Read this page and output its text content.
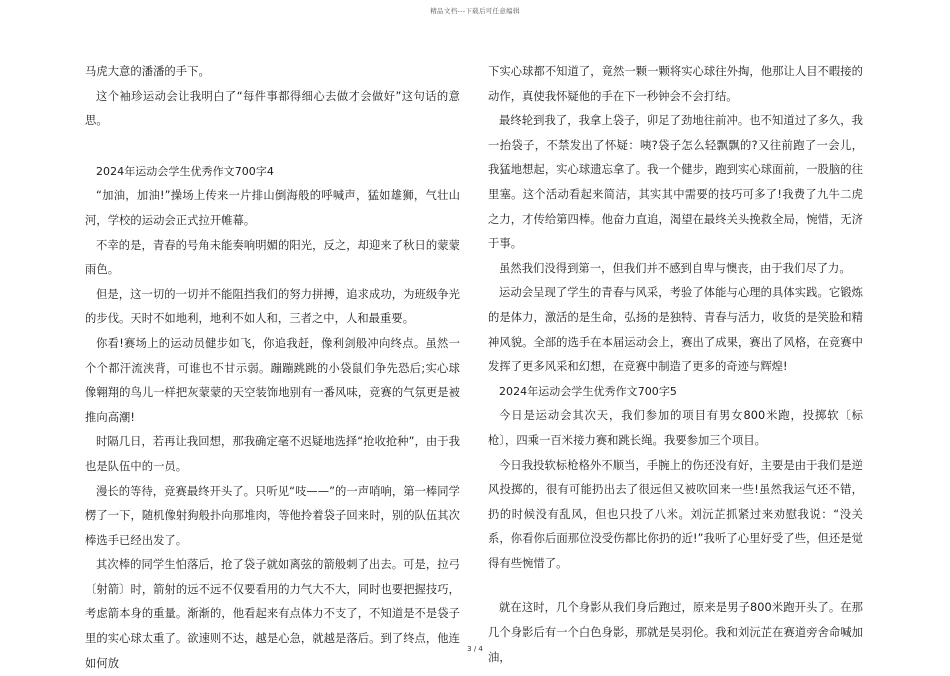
精品文档---下载后可任意编辑

马虎大意的潘潘的手下。

这个袖珍运动会让我明白了“每件事都得细心去做才会做好”这句话的意思。

2024年运动会学生优秀作文700字4

“加油，加油!”操场上传来一片排山倒海般的呼喊声，猛如雄狮，气壮山河，学校的运动会正式拉开帷幕。

不幸的是，青春的号角未能奏响明媚的阳光，反之，却迎来了秋日的蒙蒙雨色。

但是，这一切的一切并不能阻挡我们的努力拼搏，追求成功，为班级争光的步伐。天时不如地利，地利不如人和，三者之中，人和最重要。

你看!赛场上的运动员健步如飞，你追我赶，像利剑般冲向终点。虽然一个个都汗流浃背，可谁也不甘示弱。蹦蹦跳跳的小袋鼠们争先恐后;实心球像翱翔的鸟儿一样把灰蒙蒙的天空装饰地别有一番风味，竞赛的气氛更是被推向高潮!

时隔几日，若再让我回想，那我确定毫不迟疑地选择“抢收抢种”，由于我也是队伍中的一员。

漫长的等待，竞赛最终开头了。只听见“吱——”的一声哨响，第一棒同学楞了一下，随机像射狗般扑向那堆肉，等他拎着袋子回来时，别的队伍其次棒选手已经出发了。

其次棒的同学生怕落后，抢了袋子就如离弦的箭般刺了出去。可是，拉弓〔射箭〕时，箭射的远不远不仅要看用的力气大不大，同时也要把握技巧，考虑箭本身的重量。渐渐的，他看起来有点体力不支了，不知道是不是袋子里的实心球太重了。欲速则不达，越是心急，就越是落后。到了终点，他连如何放

下实心球都不知道了，竟然一颗一颗将实心球往外掏，他那让人目不暇接的动作，真使我怀疑他的手在下一秒钟会不会打结。

最终轮到我了，我拿上袋子，卯足了劲地往前冲。也不知道过了多久，我一抬袋子，不禁发出了怀疑：咦?袋子怎么轻飘飘的?又往前跑了一会儿，我猛地想起，实心球遗忘拿了。我一个健步，跑到实心球面前，一股脑的往里塞。这个活动看起来简洁，其实其中需要的技巧可多了!我费了九牛二虎之力，才传给第四棒。他奋力直追，渴望在最终关头挽救全局，惋惜，无济于事。

虽然我们没得到第一，但我们并不感到自卑与懊丧，由于我们尽了力。

运动会呈现了学生的青春与风采，考验了体能与心理的具体实践。它锻炼的是体力，激活的是生命，弘扬的是独特、青春与活力，收货的是笑脸和精神风貌。全部的选手在本届运动会上，赛出了成果，赛出了风格，在竞赛中发挥了更多风采和幻想，在竞赛中制造了更多的奇迹与辉煌!

2024年运动会学生优秀作文700字5

今日是运动会其次天，我们参加的项目有男女800米跑，投掷软〔标枪〕，四乘一百米接力赛和跳长绳。我要参加三个项目。

今日我投软标枪格外不顺当，手腕上的伤还没有好，主要是由于我们是逆风投掷的，很有可能扔出去了很远但又被吹回来一些!虽然我运气还不错，扔的时候没有乱风，但也只投了八米。刘沅芷抓紧过来劝慰我说：“没关系，你看你后面那位没受伤都比你扔的近!”我听了心里好受了些，但还是觉得有些惋惜了。

就在这时，几个身影从我们身后跑过，原来是男子800米跑开头了。在那几个身影后有一个白色身影，那就是吴羽伦。我和刘沅芷在赛道旁舍命喊加油，

3 / 4
